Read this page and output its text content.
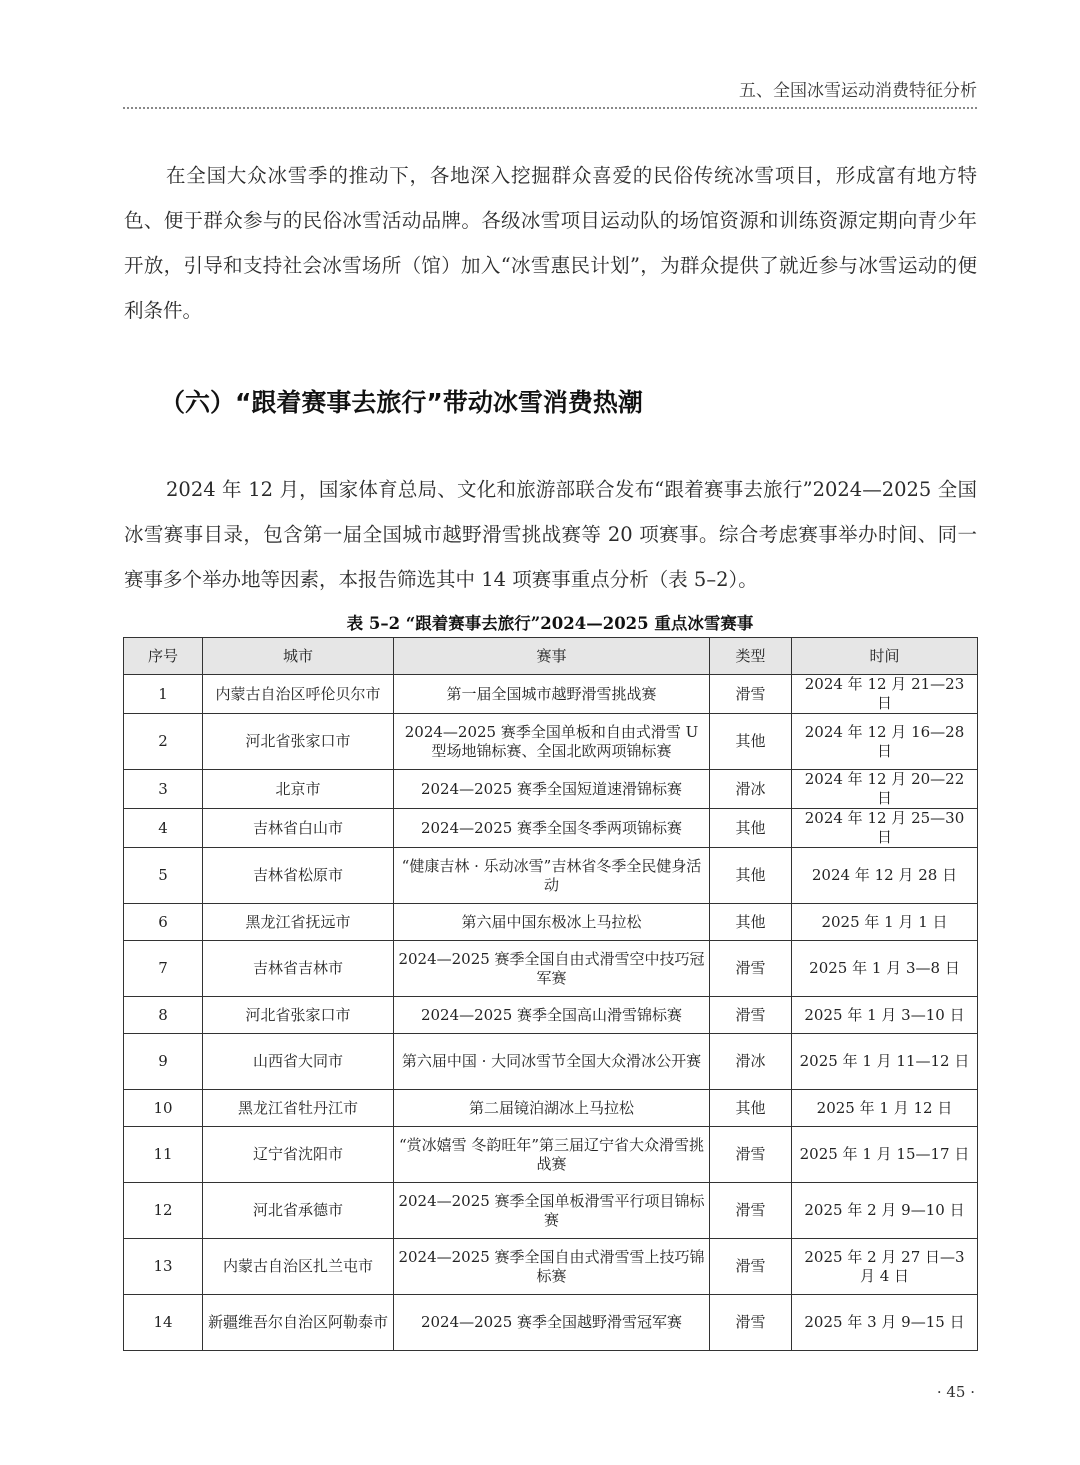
五、全国冰雪运动消费特征分析

在全国大众冰雪季的推动下，各地深入挖掘群众喜爱的民俗传统冰雪项目，形成富有地方特色、便于群众参与的民俗冰雪活动品牌。各级冰雪项目运动队的场馆资源和训练资源定期向青少年开放，引导和支持社会冰雪场所（馆）加入“冰雪惠民计划”，为群众提供了就近参与冰雪运动的便利条件。

（六）“跟着赛事去旅行”带动冰雪消费热潮

2024 年 12 月，国家体育总局、文化和旅游部联合发布“跟着赛事去旅行”2024—2025 全国冰雪赛事目录，包含第一届全国城市越野滑雪挑战赛等 20 项赛事。综合考虑赛事举办时间、同一赛事多个举办地等因素，本报告筛选其中 14 项赛事重点分析（表 5–2）。

表 5–2 “跟着赛事去旅行”2024—2025 重点冰雪赛事
序号	城市	赛事	类型	时间
1	内蒙古自治区呼伦贝尔市	第一届全国城市越野滑雪挑战赛	滑雪	2024 年 12 月 21—23 日
2	河北省张家口市	2024—2025 赛季全国单板和自由式滑雪 U 型场地锦标赛、全国北欧两项锦标赛	其他	2024 年 12 月 16—28 日
3	北京市	2024—2025 赛季全国短道速滑锦标赛	滑冰	2024 年 12 月 20—22 日
4	吉林省白山市	2024—2025 赛季全国冬季两项锦标赛	其他	2024 年 12 月 25—30 日
5	吉林省松原市	“健康吉林 · 乐动冰雪”吉林省冬季全民健身活动	其他	2024 年 12 月 28 日
6	黑龙江省抚远市	第六届中国东极冰上马拉松	其他	2025 年 1 月 1 日
7	吉林省吉林市	2024—2025 赛季全国自由式滑雪空中技巧冠军赛	滑雪	2025 年 1 月 3—8 日
8	河北省张家口市	2024—2025 赛季全国高山滑雪锦标赛	滑雪	2025 年 1 月 3—10 日
9	山西省大同市	第六届中国 · 大同冰雪节全国大众滑冰公开赛	滑冰	2025 年 1 月 11—12 日
10	黑龙江省牡丹江市	第二届镜泊湖冰上马拉松	其他	2025 年 1 月 12 日
11	辽宁省沈阳市	“赏冰嬉雪 冬韵旺年”第三届辽宁省大众滑雪挑战赛	滑雪	2025 年 1 月 15—17 日
12	河北省承德市	2024—2025 赛季全国单板滑雪平行项目锦标赛	滑雪	2025 年 2 月 9—10 日
13	内蒙古自治区扎兰屯市	2024—2025 赛季全国自由式滑雪雪上技巧锦标赛	滑雪	2025 年 2 月 27 日—3 月 4 日
14	新疆维吾尔自治区阿勒泰市	2024—2025 赛季全国越野滑雪冠军赛	滑雪	2025 年 3 月 9—15 日
· 45 ·
